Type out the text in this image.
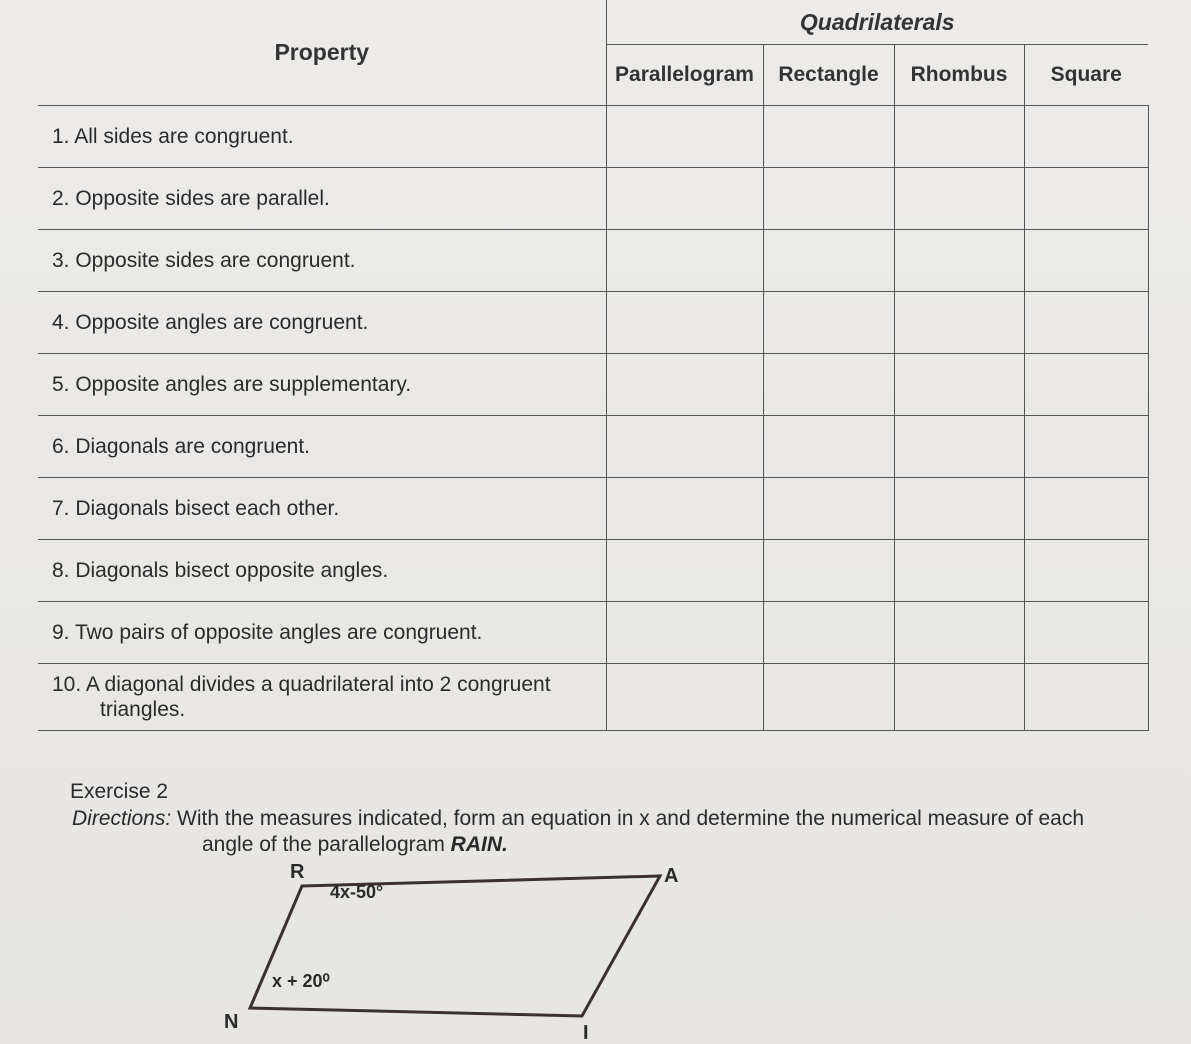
Property	Quadrilaterals			
	Parallelogram	Rectangle	Rhombus	Square
1. All sides are congruent.				
2. Opposite sides are parallel.				
3. Opposite sides are congruent.				
4. Opposite angles are congruent.				
5. Opposite angles are supplementary.				
6. Diagonals are congruent.				
7. Diagonals bisect each other.				
8. Diagonals bisect opposite angles.				
9. Two pairs of opposite angles are congruent.				
10. A diagonal divides a quadrilateral into 2 congruent
triangles.				

Exercise 2
Directions: With the measures indicated, form an equation in x and determine the numerical measure of each
angle of the parallelogram RAIN.
R	A
I
N
4x-50°
x + 20⁰
